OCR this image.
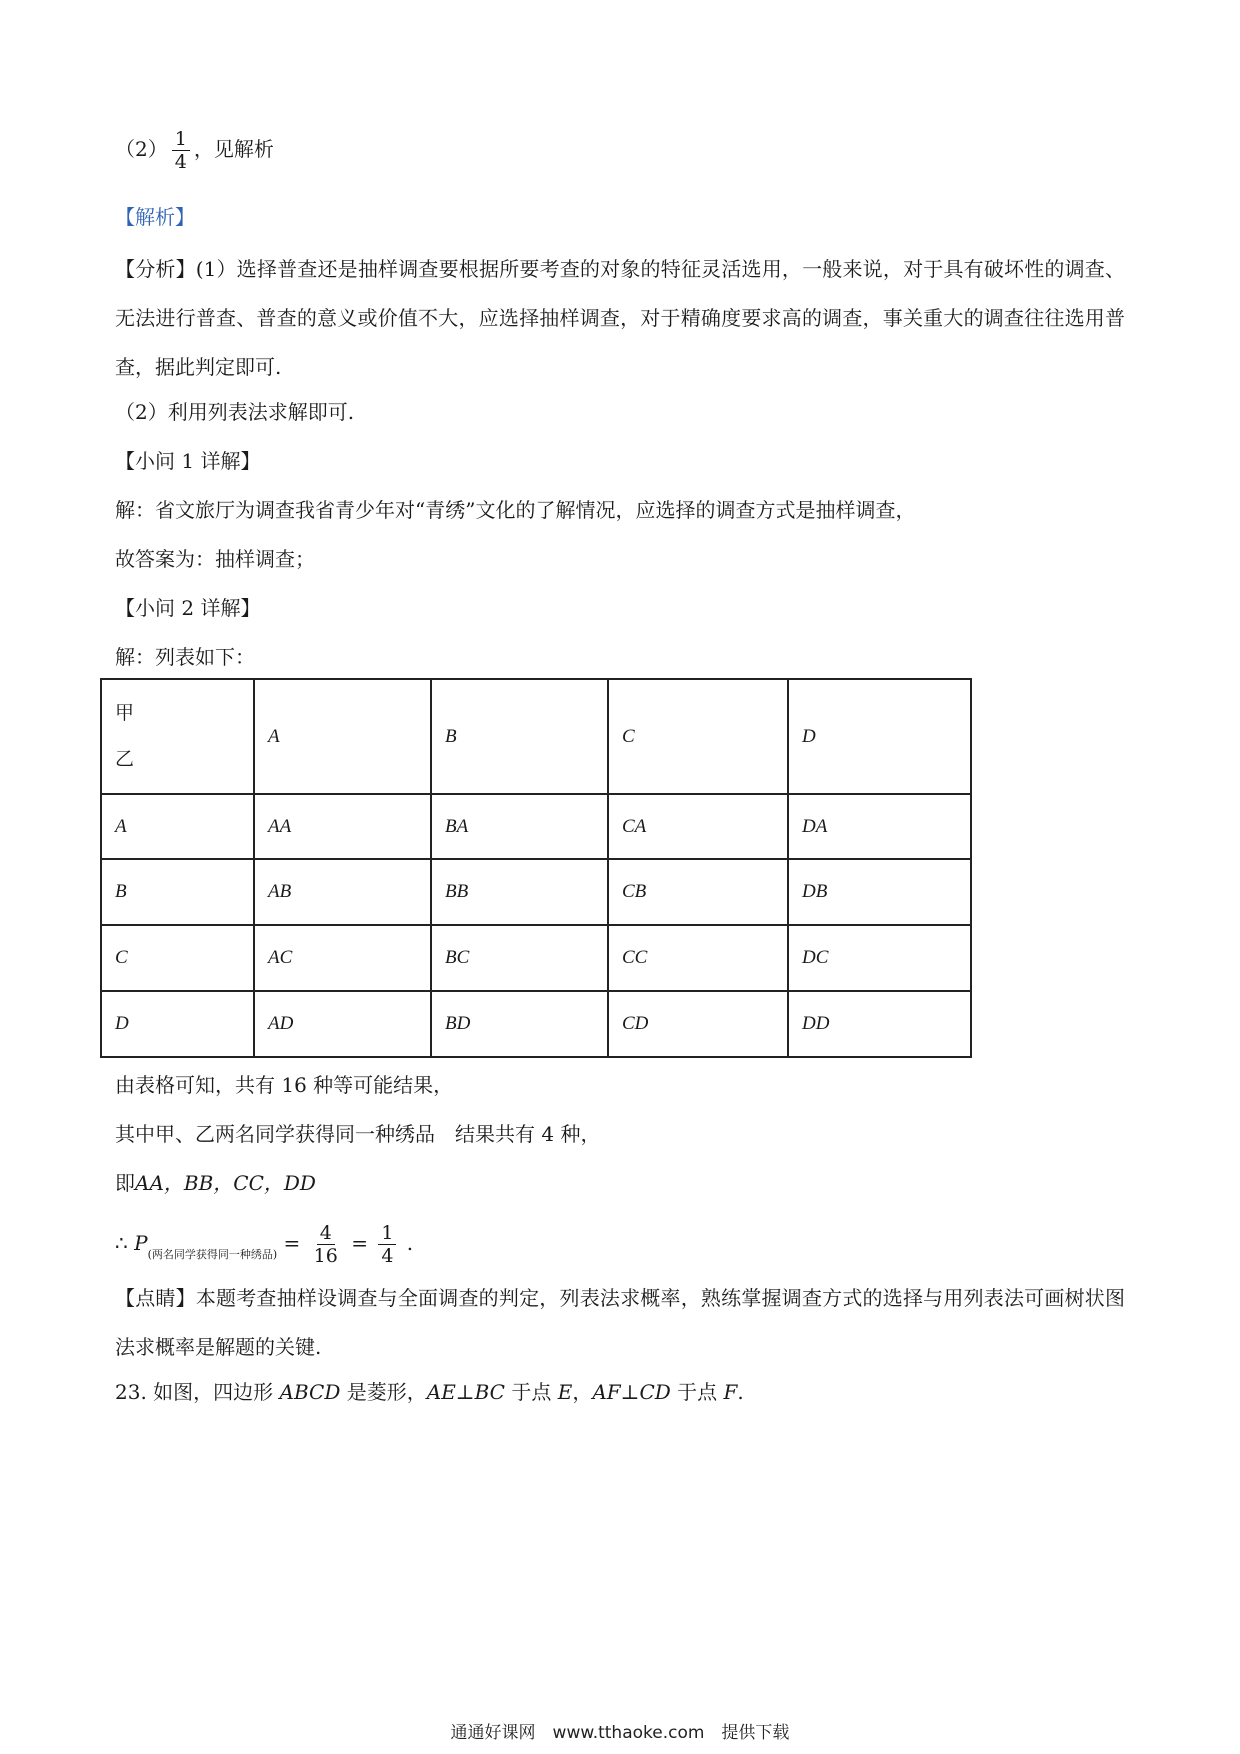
$(2) \frac{1}{4}$ ，见解析
【解析】
【分析】(1）选择普查还是抽样调查要根据所要考查的对象的特征灵活选用，一般来说，对于具有破坏性的调查、无法进行普查、普查的意义或价值不大，应选择抽样调查，对于精确度要求高的调查，事关重大的调查往往选用普查，据此判定即可.
（2）利用列表法求解即可.
【小问 1 详解】
解：省文旅厅为调查我省青少年对“青绣”文化的了解情况，应选择的调查方式是抽样调查，
故答案为：抽样调查；
【小问 2 详解】
解：列表如下：
甲
乙	A	B	C	D
A	AA	BA	CA	DA
B	AB	BB	CB	DB
C	AC	BC	CC	DC
D	AD	BD	CD	DD
由表格可知，共有 16 种等可能结果，
其中甲、乙两名同学获得同一种绣品　结果共有 4 种，
即AA，BB，CC，DD
∴ $P_{(两名同学获得同一种绣品)} = \frac{4}{16} = \frac{1}{4}$ .
【点睛】本题考查抽样设调查与全面调查的判定，列表法求概率，熟练掌握调查方式的选择与用列表法可画树状图法求概率是解题的关键.
23. 如图，四边形 ABCD 是菱形，AE⊥BC 于点 E，AF⊥CD 于点 F.
通通好课网　www.tthaoke.com　提供下载
